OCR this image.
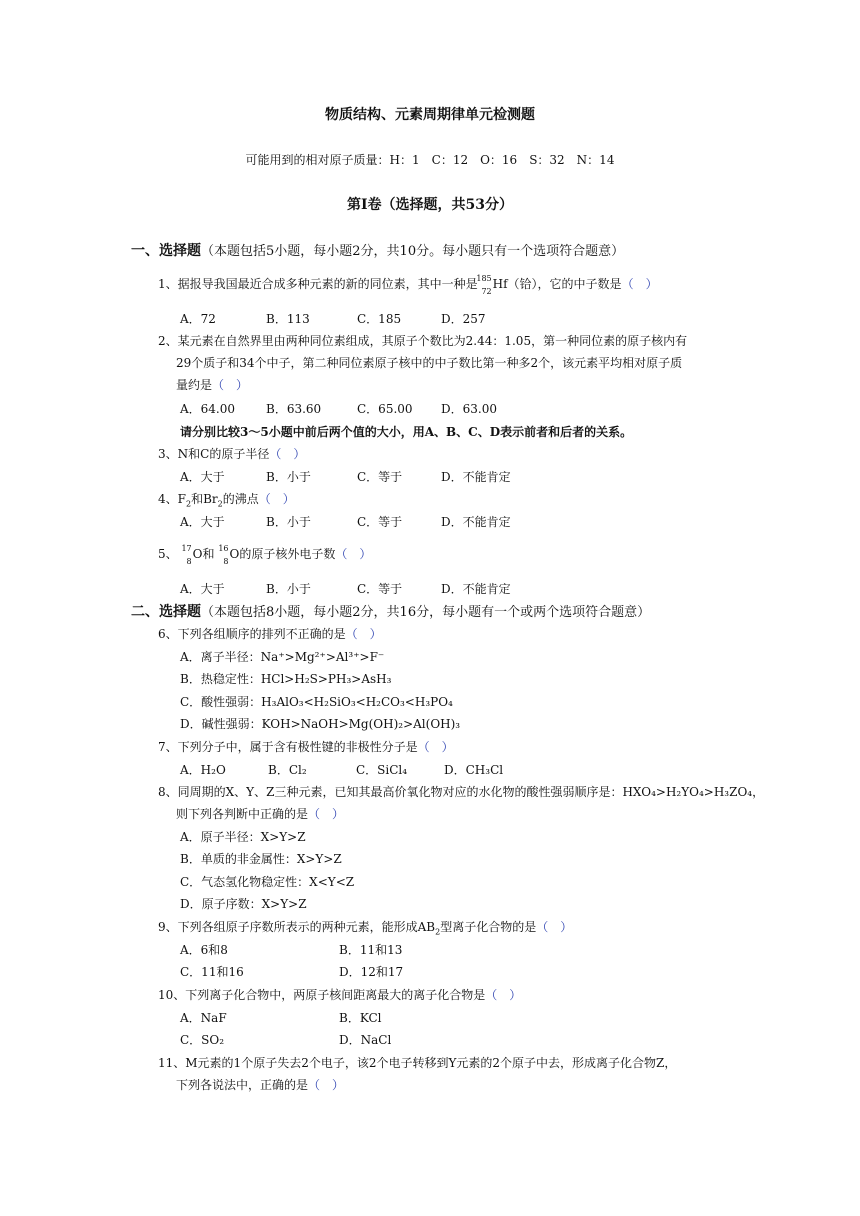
物质结构、元素周期律单元检测题
可能用到的相对原子质量：H：1　C：12　O：16　S：32　N：14
第Ⅰ卷（选择题，共53分）
一、选择题（本题包括5小题，每小题2分，共10分。每小题只有一个选项符合题意）
1、据报导我国最近合成多种元素的新的同位素，其中一种是
185
72 Hf（铪），它的中子数是（　）
A．72	B．113	C．185	D．257
2、某元素在自然界里由两种同位素组成，其原子个数比为2.44：1.05，第一种同位素的原子核内有
29个质子和34个中子，第二种同位素原子核中的中子数比第一种多2个，该元素平均相对原子质
量约是（　）
A．64.00	B．63.60	C．65.00 D．63.00
请分别比较3～5小题中前后两个值的大小，用A、B、C、D表示前者和后者的关系。
3、N和C的原子半径（　）
A．大于	B．小于	C．等于	D．不能肯定
4、$F_2$和$Br_2$的沸点（　）
A．大于	B．小于	C．等于	D．不能肯定
5、 17
8 O和 16
8 O的原子核外电子数（　）
A．大于	B．小于	C．等于	D．不能肯定
二、选择题（本题包括8小题，每小题2分，共16分，每小题有一个或两个选项符合题意）
6、下列各组顺序的排列不正确的是（　）
A．离子半径：Na⁺>Mg²⁺>Al³⁺>F⁻
B．热稳定性：HCl>H₂S>PH₃>AsH₃
C．酸性强弱：H₃AlO₃<H₂SiO₃<H₂CO₃<H₃PO₄
D．碱性强弱：KOH>NaOH>Mg(OH)₂>Al(OH)₃
7、下列分子中，属于含有极性键的非极性分子是（　）
A．H₂O	B．Cl₂	C．SiCl₄	D．CH₃Cl
8、同周期的X、Y、Z三种元素，已知其最高价氧化物对应的水化物的酸性强弱顺序是：HXO₄>H₂YO₄>H₃ZO₄，
则下列各判断中正确的是（　）
A．原子半径：X>Y>Z
B．单质的非金属性：X>Y>Z
C．气态氢化物稳定性：X<Y<Z
D．原子序数：X>Y>Z
9、下列各组原子序数所表示的两种元素，能形成$AB_2$型离子化合物的是（　）
A．6和8	B．11和13
C．11和16	D．12和17
10、下列离子化合物中，两原子核间距离最大的离子化合物是（　）
A．NaF	B．KCl
C．SO₂	D．NaCl
11、M元素的1个原子失去2个电子，该2个电子转移到Y元素的2个原子中去，形成离子化合物Z，
下列各说法中，正确的是（　）
